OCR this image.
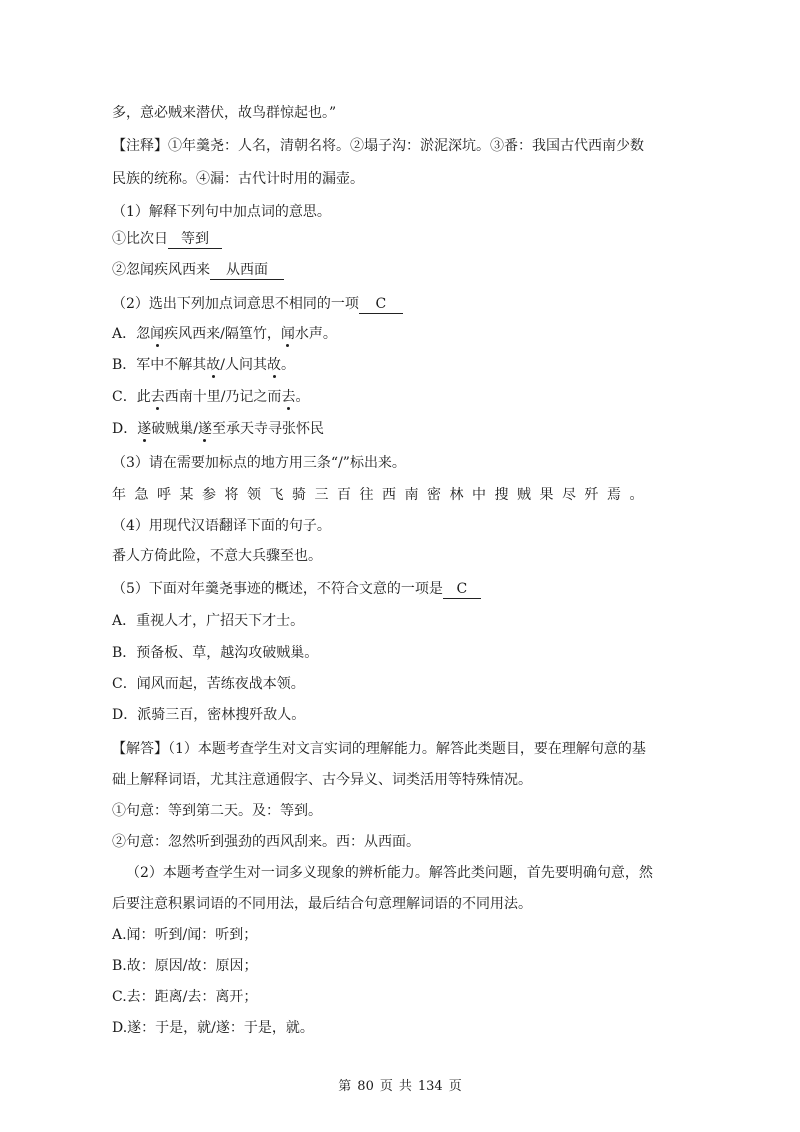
多，意必贼来潜伏，故鸟群惊起也。”
【注释】①年羹尧：人名，清朝名将。②塌子沟：淤泥深坑。③番：我国古代西南少数
民族的统称。④漏：古代计时用的漏壶。
（1）解释下列句中加点词的意思。
①比次日 等到
②忽闻疾风西来 从西面
（2）选出下列加点词意思不相同的一项 C
A．忽闻疾风西来/隔篁竹，闻水声。
B．军中不解其故/人问其故。
C．此去西南十里/乃记之而去。
D．遂破贼巢/遂至承天寺寻张怀民
（3）请在需要加标点的地方用三条“/”标出来。
年急呼某参将领飞骑三百往西南密林中搜贼果尽歼焉。
（4）用现代汉语翻译下面的句子。
番人方倚此险，不意大兵骤至也。
（5）下面对年羹尧事迹的概述，不符合文意的一项是 C
A．重视人才，广招天下才士。
B．预备板、草，越沟攻破贼巢。
C．闻风而起，苦练夜战本领。
D．派骑三百，密林搜歼敌人。
【解答】（1）本题考查学生对文言实词的理解能力。解答此类题目，要在理解句意的基
础上解释词语，尤其注意通假字、古今异义、词类活用等特殊情况。
①句意：等到第二天。及：等到。
②句意：忽然听到强劲的西风刮来。西：从西面。
（2）本题考查学生对一词多义现象的辨析能力。解答此类问题，首先要明确句意，然
后要注意积累词语的不同用法，最后结合句意理解词语的不同用法。
A.闻：听到/闻：听到；
B.故：原因/故：原因；
C.去：距离/去：离开；
D.遂：于是，就/遂：于是，就。
第 80 页 共 134 页
